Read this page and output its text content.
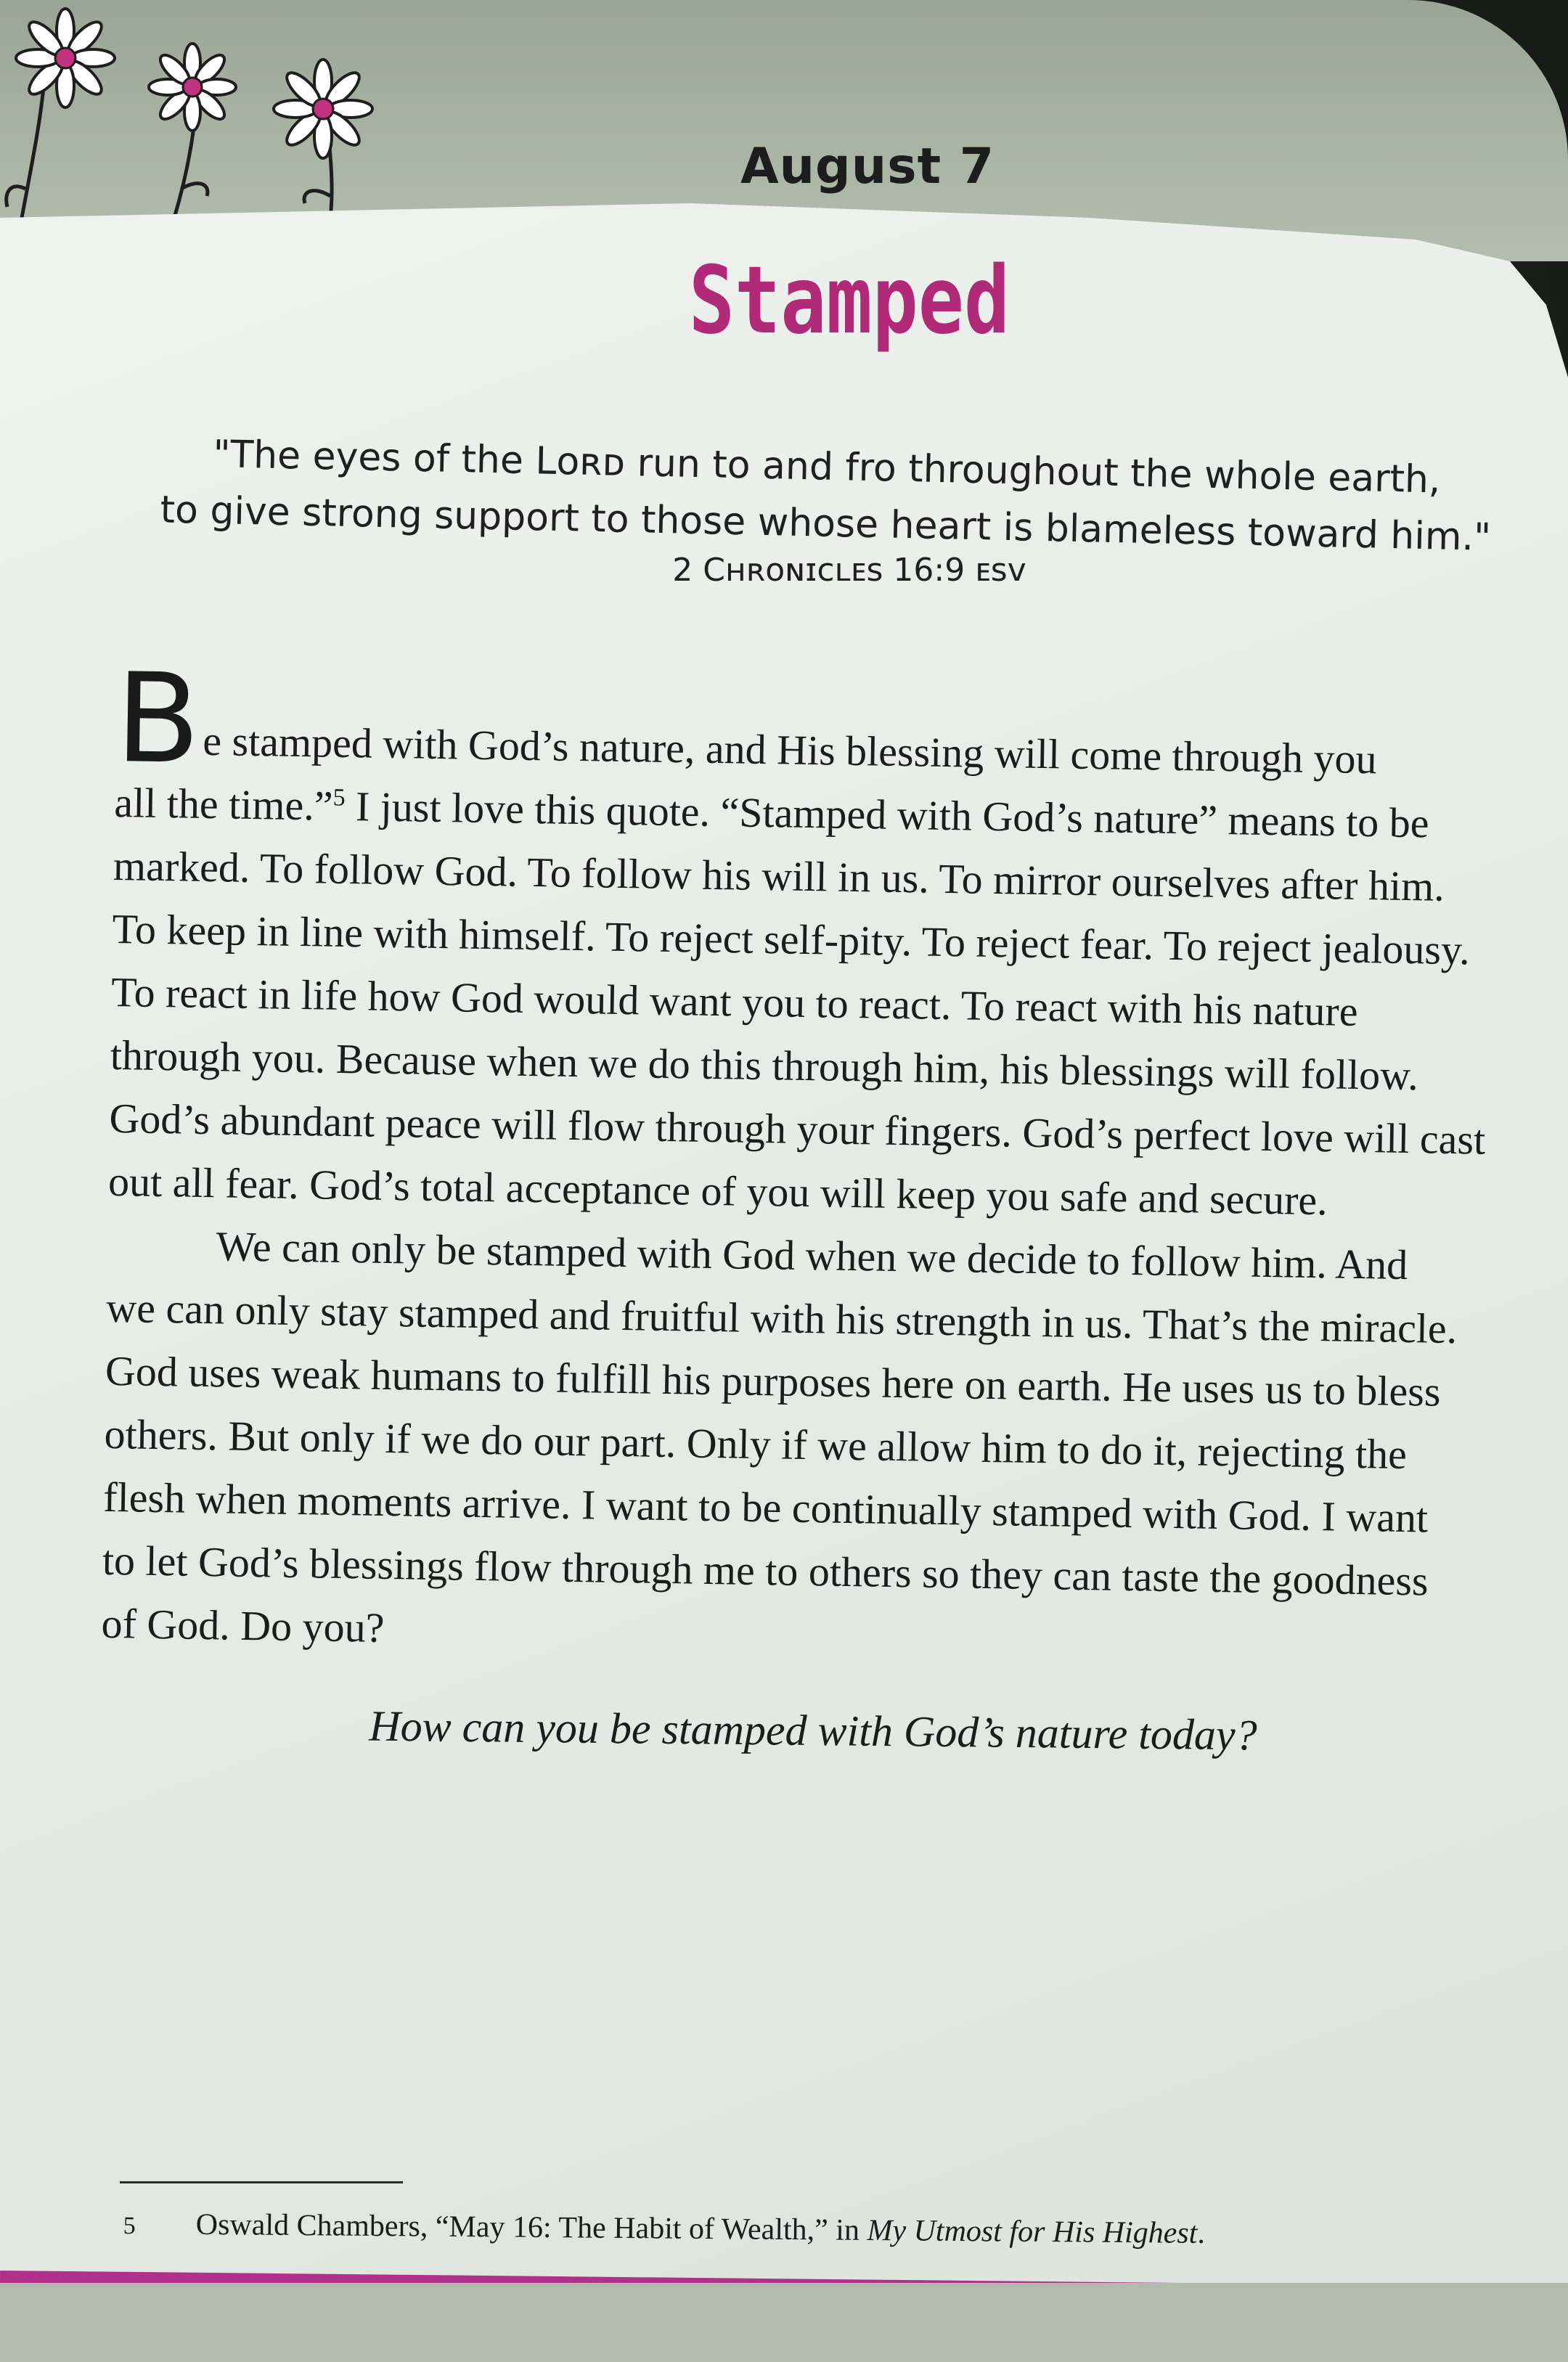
August 7
Stamped
"The eyes of the Lᴏʀᴅ run to and fro throughout the whole earth,
to give strong support to those whose heart is blameless toward him."

2 Cʜʀᴏɴɪᴄʟᴇꜱ 16:9 ᴇꜱᴠ

Be stamped with God’s nature, and His blessing will come through you
all the time.”$^5$ I just love this quote. “Stamped with God’s nature” means to be
marked. To follow God. To follow his will in us. To mirror ourselves after him.
To keep in line with himself. To reject self-pity. To reject fear. To reject jealousy.
To react in life how God would want you to react. To react with his nature
through you. Because when we do this through him, his blessings will follow.
God’s abundant peace will flow through your fingers. God’s perfect love will cast
out all fear. God’s total acceptance of you will keep you safe and secure.
We can only be stamped with God when we decide to follow him. And
we can only stay stamped and fruitful with his strength in us. That’s the miracle.
God uses weak humans to fulfill his purposes here on earth. He uses us to bless
others. But only if we do our part. Only if we allow him to do it, rejecting the
flesh when moments arrive. I want to be continually stamped with God. I want
to let God’s blessings flow through me to others so they can taste the goodness
of God. Do you?

How can you be stamped with God’s nature today?

5 Oswald Chambers, “May 16: The Habit of Wealth,” in My Utmost for His Highest.
